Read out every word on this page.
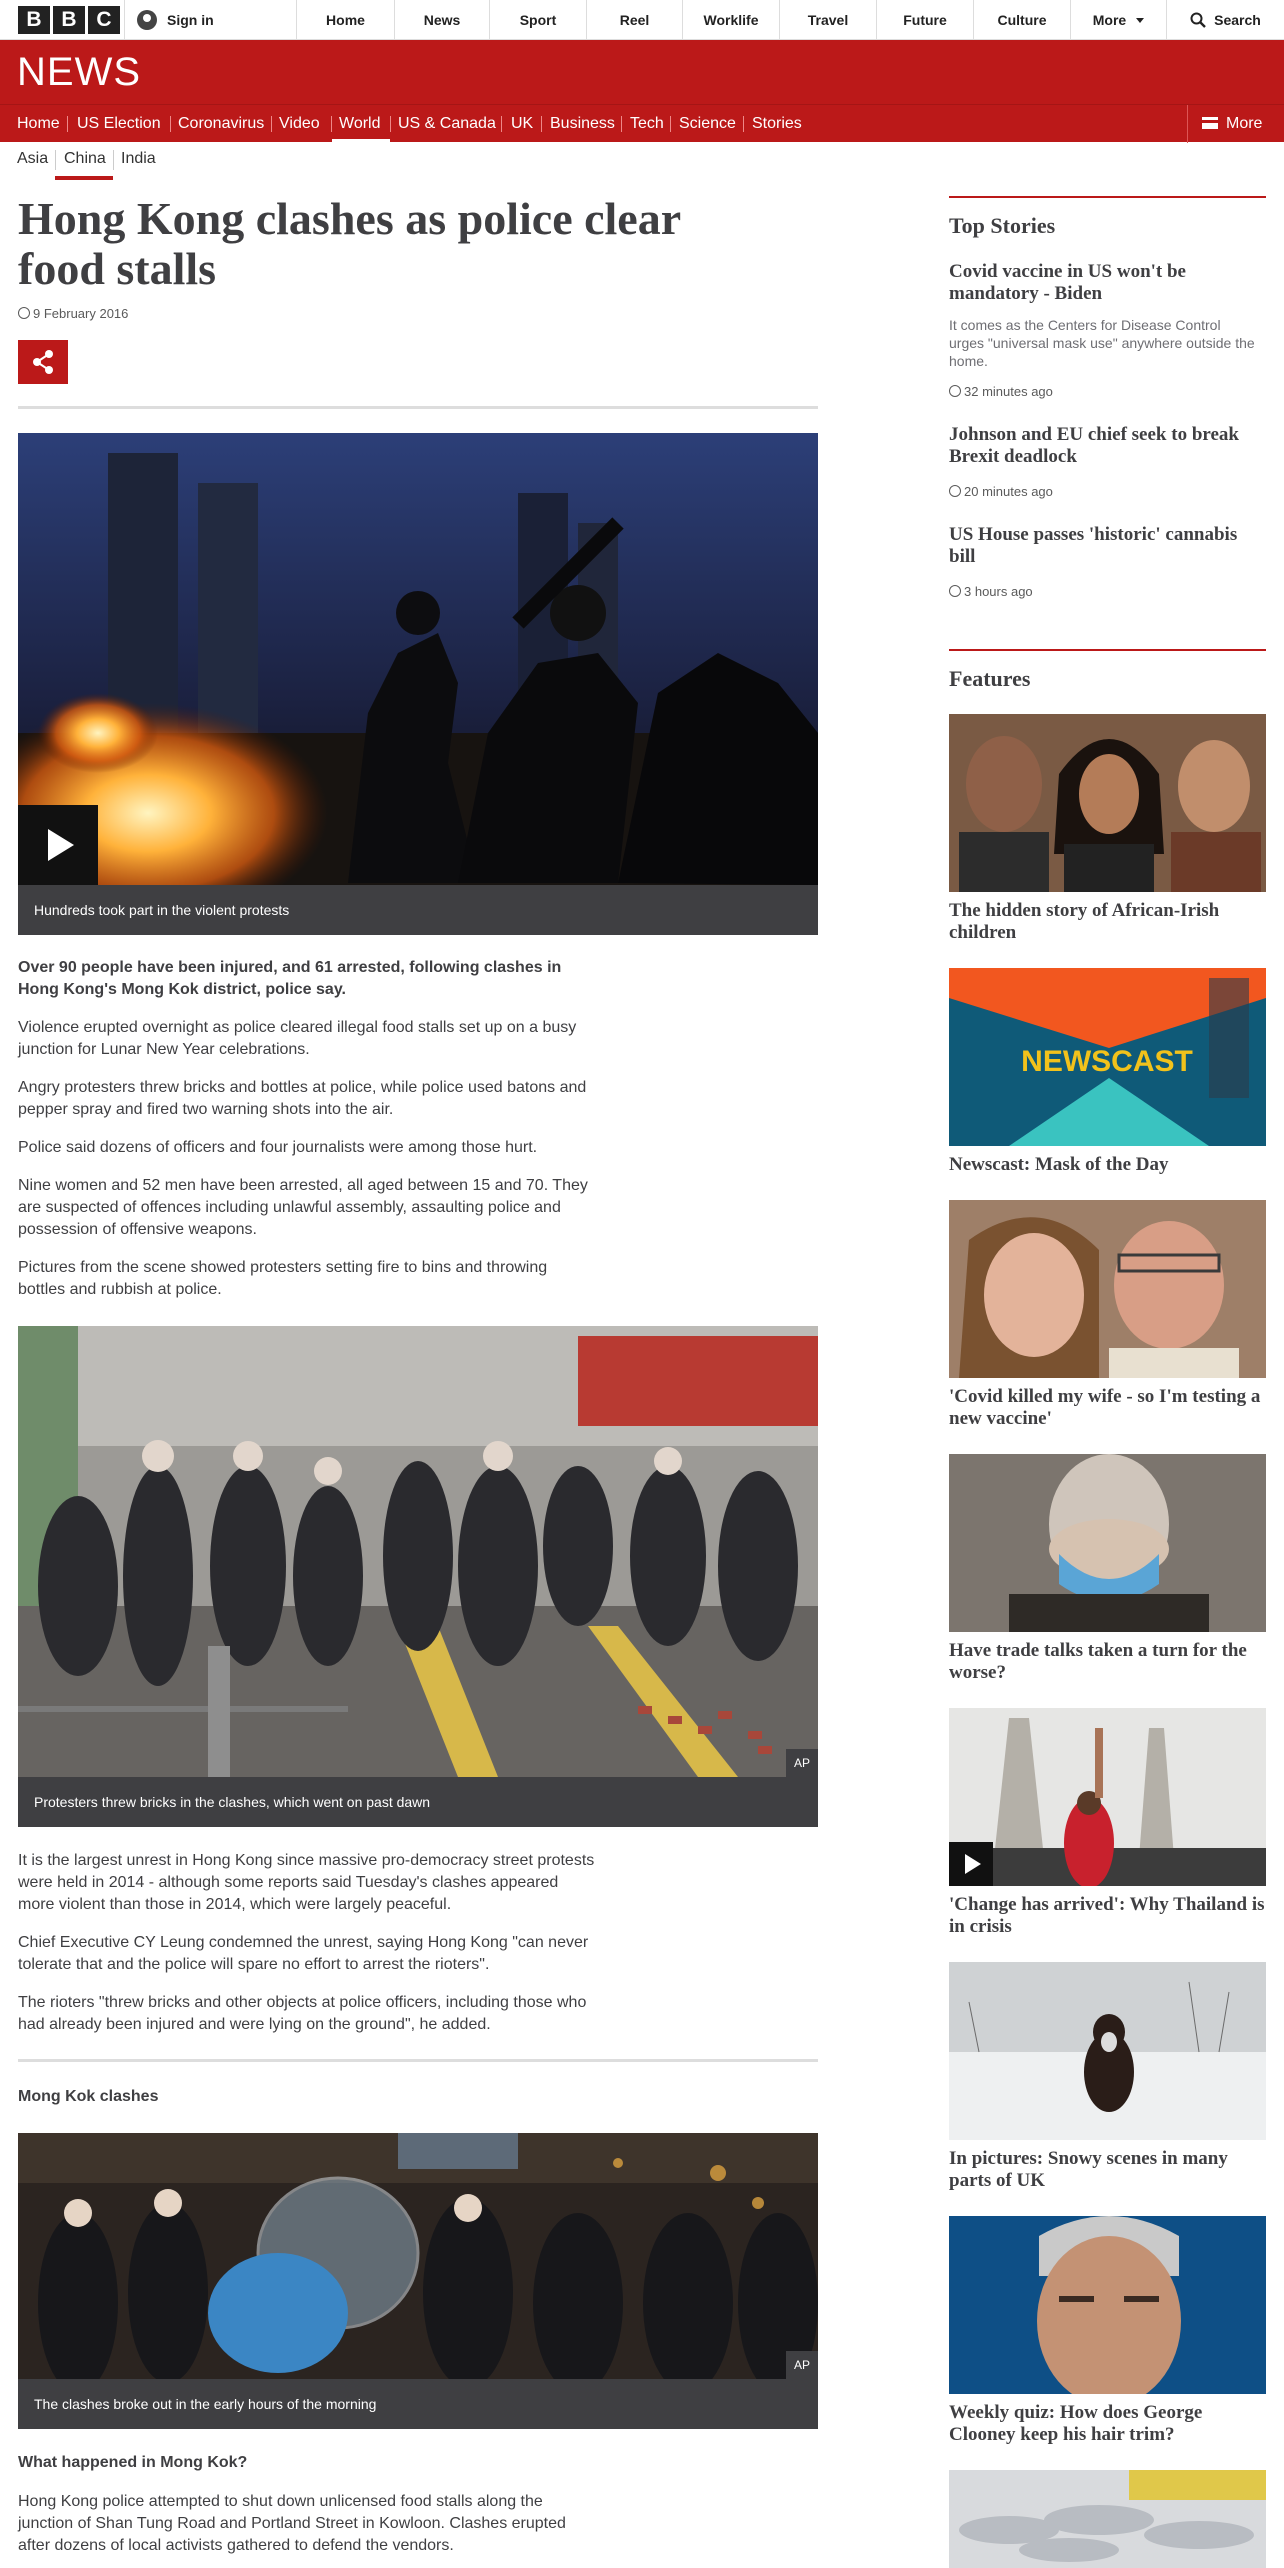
B B C	Sign in	Home	News	Sport	Reel	Worklife	Travel	Future	Culture	More	Search
NEWS
Home US Election Coronavirus Video World US & Canada UK Business Tech Science Stories	More
Asia China India
Hong Kong clashes as police clear food stalls
9 February 2016
Hundreds took part in the violent protests

Over 90 people have been injured, and 61 arrested, following clashes in Hong Kong's Mong Kok district, police say.

Violence erupted overnight as police cleared illegal food stalls set up on a busy junction for Lunar New Year celebrations.

Angry protesters threw bricks and bottles at police, while police used batons and pepper spray and fired two warning shots into the air.

Police said dozens of officers and four journalists were among those hurt.

Nine women and 52 men have been arrested, all aged between 15 and 70. They are suspected of offences including unlawful assembly, assaulting police and possession of offensive weapons.

Pictures from the scene showed protesters setting fire to bins and throwing bottles and rubbish at police.

AP
Protesters threw bricks in the clashes, which went on past dawn

It is the largest unrest in Hong Kong since massive pro-democracy street protests were held in 2014 - although some reports said Tuesday's clashes appeared more violent than those in 2014, which were largely peaceful.

Chief Executive CY Leung condemned the unrest, saying Hong Kong "can never tolerate that and the police will spare no effort to arrest the rioters".

The rioters "threw bricks and other objects at police officers, including those who had already been injured and were lying on the ground", he added.

Mong Kok clashes

AP
The clashes broke out in the early hours of the morning

What happened in Mong Kok?

Hong Kong police attempted to shut down unlicensed food stalls along the junction of Shan Tung Road and Portland Street in Kowloon. Clashes erupted after dozens of local activists gathered to defend the vendors.

Top Stories
Covid vaccine in US won't be mandatory - Biden

It comes as the Centers for Disease Control urges "universal mask use" anywhere outside the home.

32 minutes ago
Johnson and EU chief seek to break Brexit deadlock
20 minutes ago
US House passes 'historic' cannabis bill
3 hours ago
Features
The hidden story of African-Irish children
NEWSCAST
Newscast: Mask of the Day
'Covid killed my wife - so I'm testing a new vaccine'
Have trade talks taken a turn for the worse?
'Change has arrived': Why Thailand is in crisis
In pictures: Snowy scenes in many parts of UK
Weekly quiz: How does George Clooney keep his hair trim?
